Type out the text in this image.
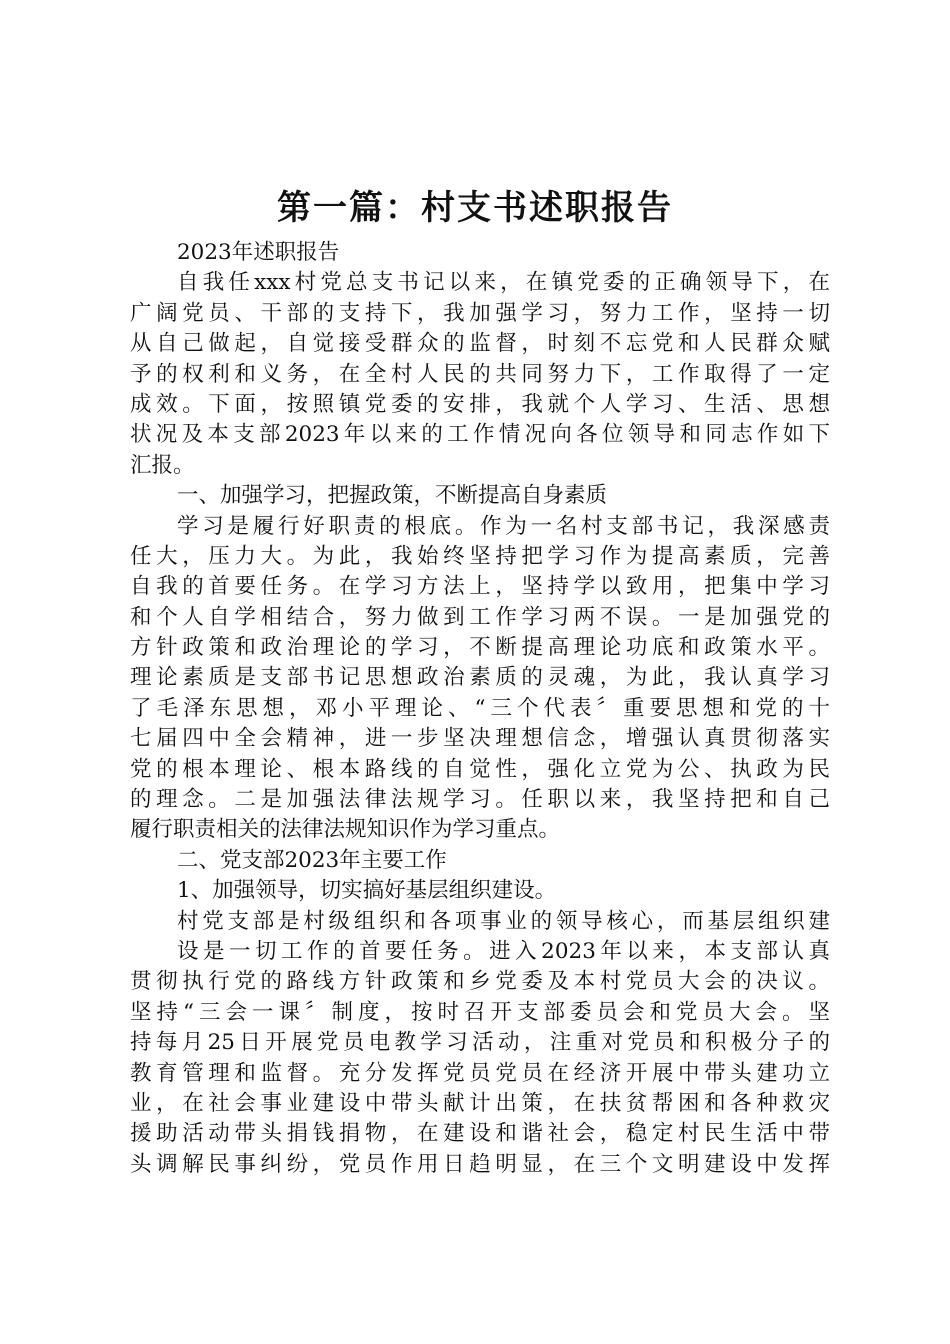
第一篇：村支书述职报告
2023年述职报告
自我任xxx村党总支书记以来，在镇党委的正确领导下，在
广阔党员、干部的支持下，我加强学习，努力工作，坚持一切
从自己做起，自觉接受群众的监督，时刻不忘党和人民群众赋
予的权利和义务，在全村人民的共同努力下，工作取得了一定
成效。下面，按照镇党委的安排，我就个人学习、生活、思想
状况及本支部2023年以来的工作情况向各位领导和同志作如下
汇报。
一、加强学习，把握政策，不断提高自身素质
学习是履行好职责的根底。作为一名村支部书记，我深感责
任大，压力大。为此，我始终坚持把学习作为提高素质，完善
自我的首要任务。在学习方法上，坚持学以致用，把集中学习
和个人自学相结合，努力做到工作学习两不误。一是加强党的
方针政策和政治理论的学习，不断提高理论功底和政策水平。
理论素质是支部书记思想政治素质的灵魂，为此，我认真学习
了毛泽东思想，邓小平理论、“三个代表〞重要思想和党的十
七届四中全会精神，进一步坚决理想信念，增强认真贯彻落实
党的根本理论、根本路线的自觉性，强化立党为公、执政为民
的理念。二是加强法律法规学习。任职以来，我坚持把和自己
履行职责相关的法律法规知识作为学习重点。
二、党支部2023年主要工作
1、加强领导，切实搞好基层组织建设。
村党支部是村级组织和各项事业的领导核心，而基层组织建
设是一切工作的首要任务。进入2023年以来，本支部认真
贯彻执行党的路线方针政策和乡党委及本村党员大会的决议。
坚持“三会一课〞制度，按时召开支部委员会和党员大会。坚
持每月25日开展党员电教学习活动，注重对党员和积极分子的
教育管理和监督。充分发挥党员党员在经济开展中带头建功立
业，在社会事业建设中带头献计出策，在扶贫帮困和各种救灾
援助活动带头捐钱捐物，在建设和谐社会，稳定村民生活中带
头调解民事纠纷，党员作用日趋明显，在三个文明建设中发挥
